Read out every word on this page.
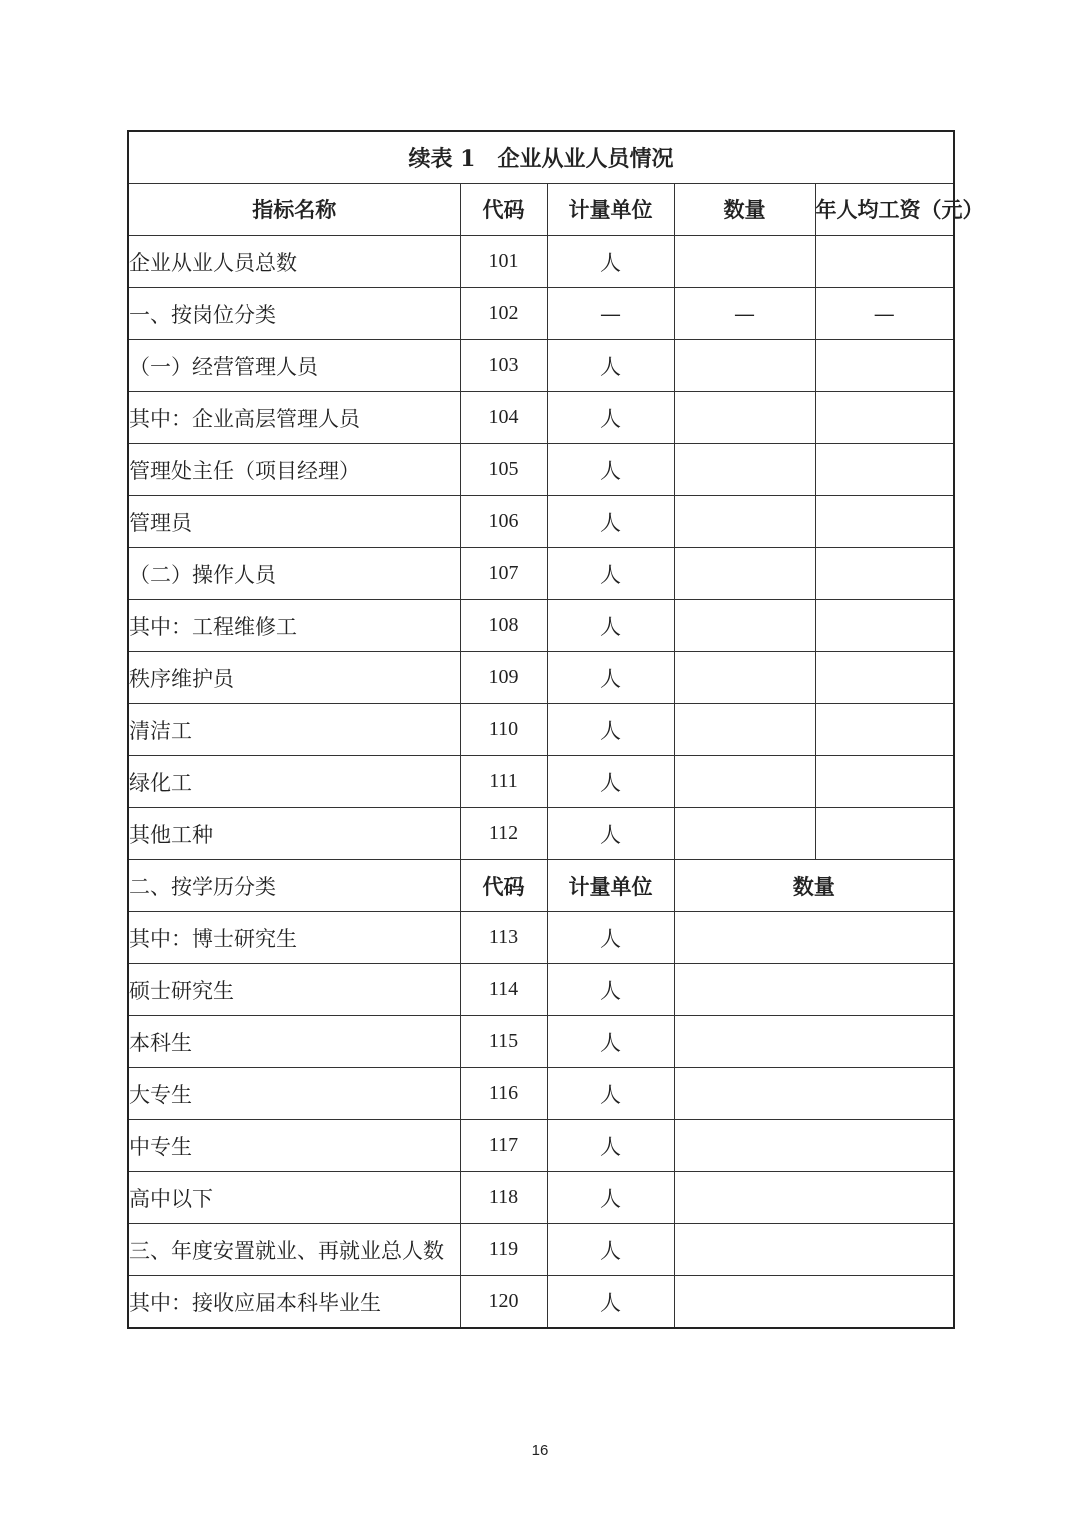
续表 1　企业从业人员情况				
指标名称	代码	计量单位	数量	年人均工资（元）
企业从业人员总数	101	人		
一、按岗位分类	102	—	—	—
（一）经营管理人员	103	人		
其中：企业高层管理人员	104	人		
管理处主任（项目经理）	105	人		
管理员	106	人		
（二）操作人员	107	人		
其中：工程维修工	108	人		
秩序维护员	109	人		
清洁工	110	人		
绿化工	111	人		
其他工种	112	人		
二、按学历分类	代码	计量单位	数量	
其中：博士研究生	113	人		
硕士研究生	114	人		
本科生	115	人		
大专生	116	人		
中专生	117	人		
高中以下	118	人		
三、年度安置就业、再就业总人数	119	人		
其中：接收应届本科毕业生	120	人		
16
